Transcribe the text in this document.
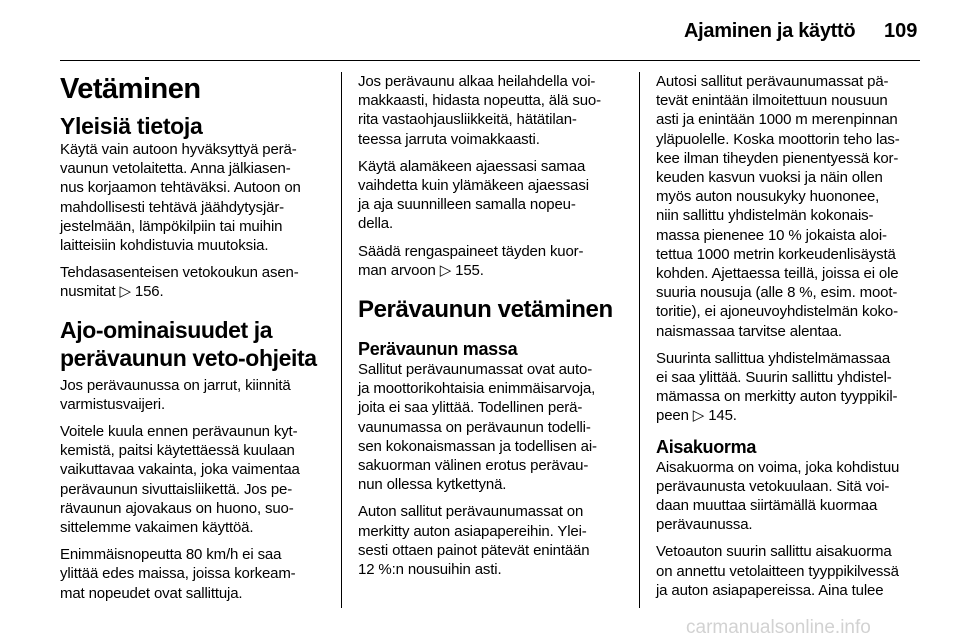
Ajaminen ja käyttö 109
Vetäminen
Yleisiä tietoja

Käytä vain autoon hyväksyttyä perä-
vaunun vetolaitetta. Anna jälkiasen-
nus korjaamon tehtäväksi. Autoon on
mahdollisesti tehtävä jäähdytysjär-
jestelmään, lämpökilpiin tai muihin
laitteisiin kohdistuvia muutoksia.

Tehdasasenteisen vetokoukun asen-
nusmitat ▷ 156.

Ajo-ominaisuudet ja
perävaunun veto-ohjeita

Jos perävaunussa on jarrut, kiinnitä
varmistusvaijeri.

Voitele kuula ennen perävaunun kyt-
kemistä, paitsi käytettäessä kuulaan
vaikuttavaa vakainta, joka vaimentaa
perävaunun sivuttaisliikettä. Jos pe-
rävaunun ajovakaus on huono, suo-
sittelemme vakaimen käyttöä.

Enimmäisnopeutta 80 km/h ei saa
ylittää edes maissa, joissa korkeam-
mat nopeudet ovat sallittuja.

Jos perävaunu alkaa heilahdella voi-
makkaasti, hidasta nopeutta, älä suo-
rita vastaohjausliikkeitä, hätätilan-
teessa jarruta voimakkaasti.

Käytä alamäkeen ajaessasi samaa
vaihdetta kuin ylämäkeen ajaessasi
ja aja suunnilleen samalla nopeu-
della.

Säädä rengaspaineet täyden kuor-
man arvoon ▷ 155.

Perävaunun vetäminen
Perävaunun massa

Sallitut perävaunumassat ovat auto-
ja moottorikohtaisia enimmäisarvoja,
joita ei saa ylittää. Todellinen perä-
vaunumassa on perävaunun todelli-
sen kokonaismassan ja todellisen ai-
sakuorman välinen erotus perävau-
nun ollessa kytkettynä.

Auton sallitut perävaunumassat on
merkitty auton asiapapereihin. Ylei-
sesti ottaen painot pätevät enintään
12 %:n nousuihin asti.

Autosi sallitut perävaunumassat pä-
tevät enintään ilmoitettuun nousuun
asti ja enintään 1000 m merenpinnan
yläpuolelle. Koska moottorin teho las-
kee ilman tiheyden pienentyessä kor-
keuden kasvun vuoksi ja näin ollen
myös auton nousukyky huononee,
niin sallittu yhdistelmän kokonais-
massa pienenee 10 % jokaista aloi-
tettua 1000 metrin korkeudenlisäystä
kohden. Ajettaessa teillä, joissa ei ole
suuria nousuja (alle 8 %, esim. moot-
toritie), ei ajoneuvoyhdistelmän koko-
naismassaa tarvitse alentaa.

Suurinta sallittua yhdistelmämassaa
ei saa ylittää. Suurin sallittu yhdistel-
mämassa on merkitty auton tyyppikil-
peen ▷ 145.

Aisakuorma

Aisakuorma on voima, joka kohdistuu
perävaunusta vetokuulaan. Sitä voi-
daan muuttaa siirtämällä kuormaa
perävaunussa.

Vetoauton suurin sallittu aisakuorma
on annettu vetolaitteen tyyppikilvessä
ja auton asiapapereissa. Aina tulee

carmanualsonline.info
